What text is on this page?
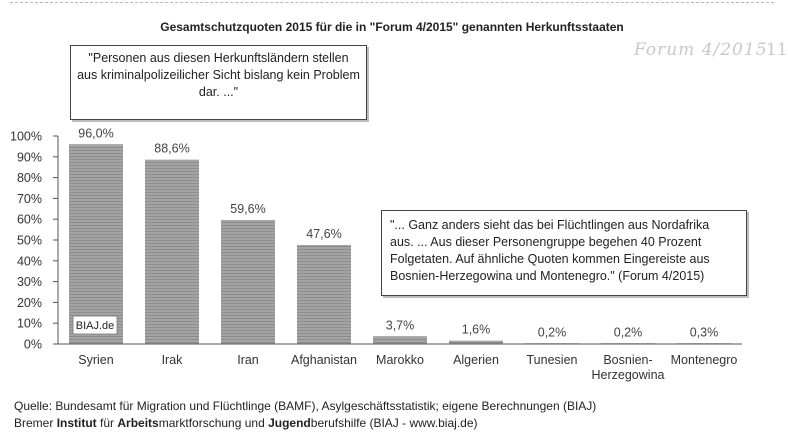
Gesamtschutzquoten 2015 für die in "Forum 4/2015" genannten Herkunftsstaaten
Forum 4/2015
11
0%
10%
20%
30%
40%
50%
60%
70%
80%
90%
100%	96,0%
88,6%
59,6%
47,6%
3,7%	1,6%	0,2%	0,2%	0,3%
BIAJ.de
Syrien	Irak	Iran	Afghanistan Marokko Algerien Tunesien Bosnien-
Herzegowina
Montenegro
"Personen aus diesen Herkunftsländern stellen aus kriminalpolizeilicher Sicht bislang kein Problem dar. ..."
"... Ganz anders sieht das bei Flüchtlingen aus Nordafrika
aus. ... Aus dieser Personengruppe begehen 40 Prozent
Folgetaten. Auf ähnliche Quoten kommen Eingereiste aus
Bosnien-Herzegowina und Montenegro." (Forum 4/2015)
Quelle: Bundesamt für Migration und Flüchtlinge (BAMF), Asylgeschäftsstatistik; eigene Berechnungen (BIAJ)
Bremer Institut für Arbeitsmarktforschung und Jugendberufshilfe (BIAJ - www.biaj.de)
